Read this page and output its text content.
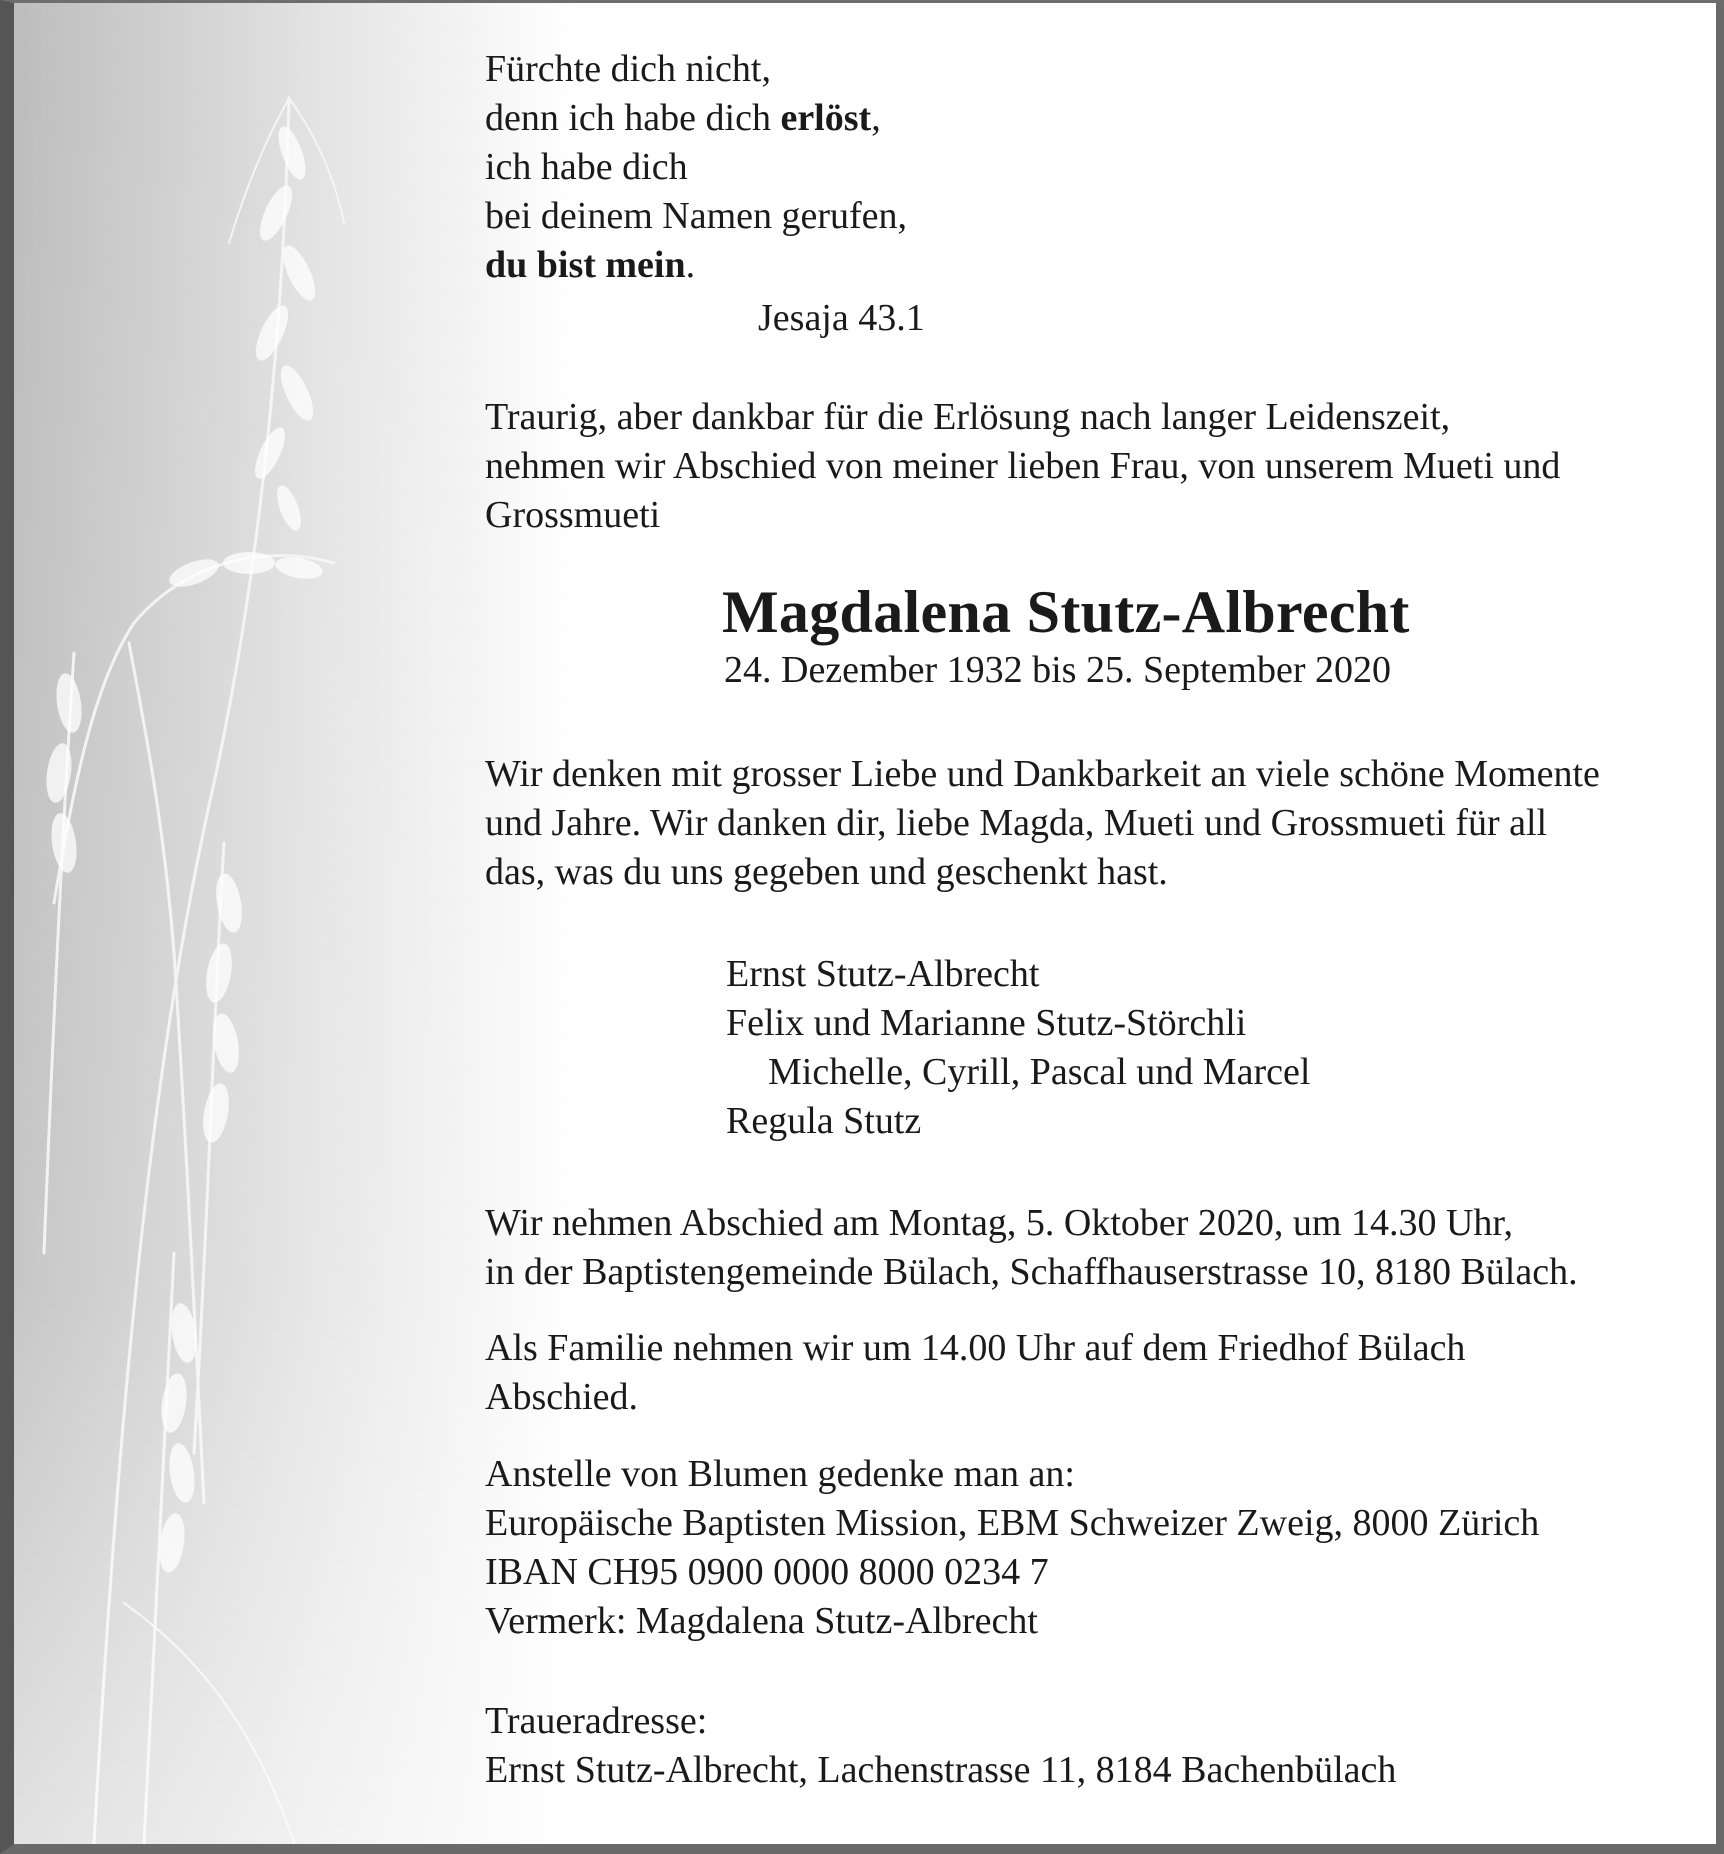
Fürchte dich nicht,
denn ich habe dich erlöst,
ich habe dich
bei deinem Namen gerufen,
du bist mein.
Jesaja 43.1
Traurig, aber dankbar für die Erlösung nach langer Leidenszeit,
nehmen wir Abschied von meiner lieben Frau, von unserem Mueti und
Grossmueti
Magdalena Stutz-Albrecht
24. Dezember 1932 bis 25. September 2020
Wir denken mit grosser Liebe und Dankbarkeit an viele schöne Momente
und Jahre. Wir danken dir, liebe Magda, Mueti und Grossmueti für all
das, was du uns gegeben und geschenkt hast.
Ernst Stutz-Albrecht
Felix und Marianne Stutz-Störchli
Michelle, Cyrill, Pascal und Marcel
Regula Stutz
Wir nehmen Abschied am Montag, 5. Oktober 2020, um 14.30 Uhr,
in der Baptistengemeinde Bülach, Schaffhauserstrasse 10, 8180 Bülach.
Als Familie nehmen wir um 14.00 Uhr auf dem Friedhof Bülach
Abschied.
Anstelle von Blumen gedenke man an:
Europäische Baptisten Mission, EBM Schweizer Zweig, 8000 Zürich
IBAN CH95 0900 0000 8000 0234 7
Vermerk: Magdalena Stutz-Albrecht
Traueradresse:
Ernst Stutz-Albrecht, Lachenstrasse 11, 8184 Bachenbülach
